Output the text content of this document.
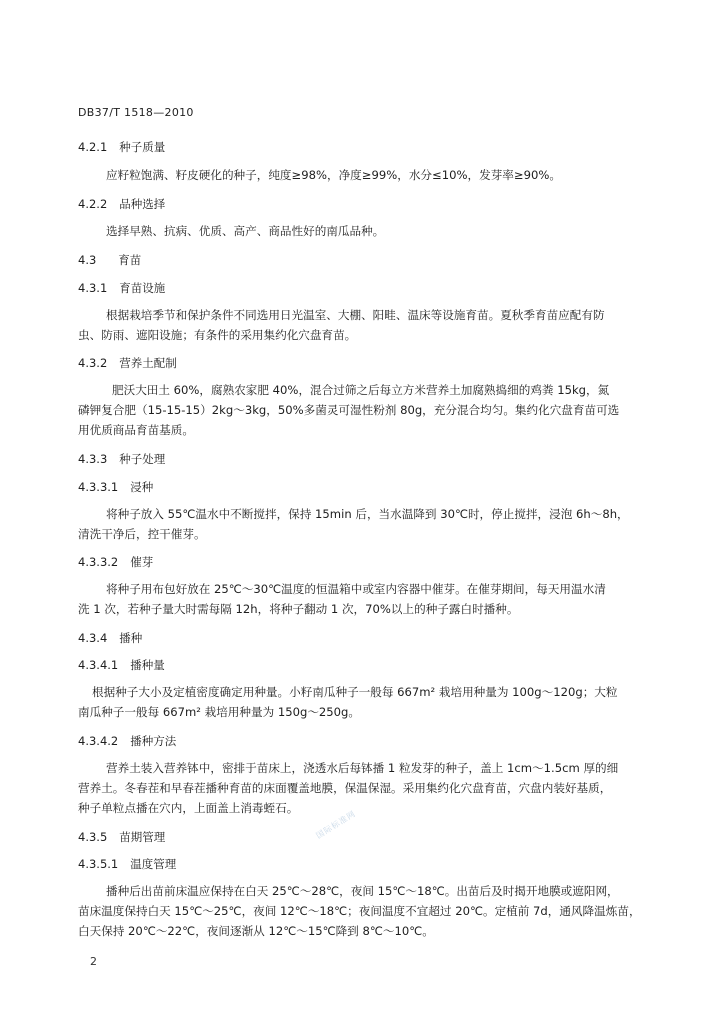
DB37/T 1518—2010
4.2.1 种子质量
应籽粒饱满、籽皮硬化的种子，纯度≥98%，净度≥99%，水分≤10%，发芽率≥90%。
4.2.2 品种选择
选择早熟、抗病、优质、高产、商品性好的南瓜品种。
4.3 育苗
4.3.1 育苗设施
根据栽培季节和保护条件不同选用日光温室、大棚、阳畦、温床等设施育苗。夏秋季育苗应配有防
虫、防雨、遮阳设施；有条件的采用集约化穴盘育苗。
4.3.2 营养土配制
肥沃大田土 60%，腐熟农家肥 40%，混合过筛之后每立方米营养土加腐熟捣细的鸡粪 15kg，氮
磷钾复合肥（15-15-15）2kg～3kg，50%多菌灵可湿性粉剂 80g，充分混合均匀。集约化穴盘育苗可选
用优质商品育苗基质。
4.3.3 种子处理
4.3.3.1 浸种
将种子放入 55℃温水中不断搅拌，保持 15min 后，当水温降到 30℃时，停止搅拌，浸泡 6h～8h，
清洗干净后，控干催芽。
4.3.3.2 催芽
将种子用布包好放在 25℃～30℃温度的恒温箱中或室内容器中催芽。在催芽期间，每天用温水清
洗 1 次，若种子量大时需每隔 12h，将种子翻动 1 次，70%以上的种子露白时播种。
4.3.4 播种
4.3.4.1 播种量
根据种子大小及定植密度确定用种量。小籽南瓜种子一般每 667m² 栽培用种量为 100g～120g；大粒
南瓜种子一般每 667m² 栽培用种量为 150g～250g。
4.3.4.2 播种方法
营养土装入营养钵中，密排于苗床上，浇透水后每钵播 1 粒发芽的种子，盖上 1cm～1.5cm 厚的细
营养土。冬春茬和早春茬播种育苗的床面覆盖地膜，保温保湿。采用集约化穴盘育苗，穴盘内装好基质，
种子单粒点播在穴内，上面盖上消毒蛭石。
4.3.5 苗期管理
4.3.5.1 温度管理
播种后出苗前床温应保持在白天 25℃～28℃，夜间 15℃～18℃。出苗后及时揭开地膜或遮阳网，
苗床温度保持白天 15℃～25℃，夜间 12℃～18℃；夜间温度不宜超过 20℃。定植前 7d，通风降温炼苗，
白天保持 20℃～22℃，夜间逐渐从 12℃～15℃降到 8℃～10℃。
国际标准网
2
